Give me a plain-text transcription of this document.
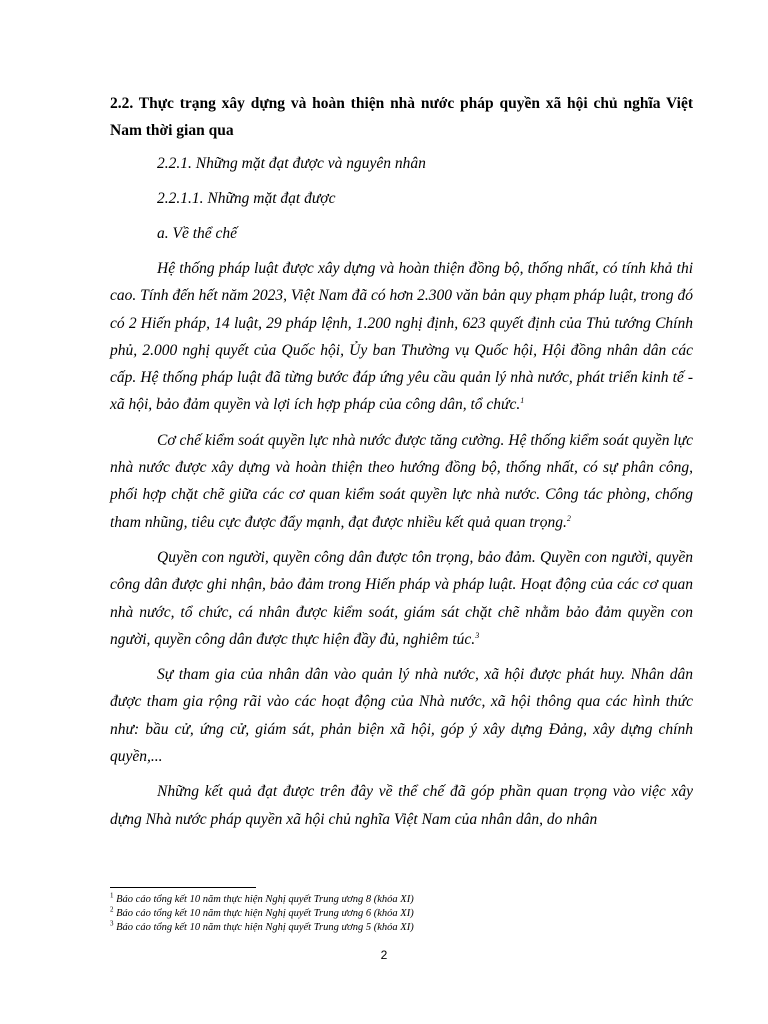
2.2. Thực trạng xây dựng và hoàn thiện nhà nước pháp quyền xã hội chủ nghĩa Việt Nam thời gian qua

2.2.1. Những mặt đạt được và nguyên nhân

2.2.1.1. Những mặt đạt được

a. Về thể chế

Hệ thống pháp luật được xây dựng và hoàn thiện đồng bộ, thống nhất, có tính khả thi cao. Tính đến hết năm 2023, Việt Nam đã có hơn 2.300 văn bản quy phạm pháp luật, trong đó có 2 Hiến pháp, 14 luật, 29 pháp lệnh, 1.200 nghị định, 623 quyết định của Thủ tướng Chính phủ, 2.000 nghị quyết của Quốc hội, Ủy ban Thường vụ Quốc hội, Hội đồng nhân dân các cấp. Hệ thống pháp luật đã từng bước đáp ứng yêu cầu quản lý nhà nước, phát triển kinh tế - xã hội, bảo đảm quyền và lợi ích hợp pháp của công dân, tổ chức.$^1$

Cơ chế kiểm soát quyền lực nhà nước được tăng cường. Hệ thống kiểm soát quyền lực nhà nước được xây dựng và hoàn thiện theo hướng đồng bộ, thống nhất, có sự phân công, phối hợp chặt chẽ giữa các cơ quan kiểm soát quyền lực nhà nước. Công tác phòng, chống tham nhũng, tiêu cực được đẩy mạnh, đạt được nhiều kết quả quan trọng.$^2$

Quyền con người, quyền công dân được tôn trọng, bảo đảm. Quyền con người, quyền công dân được ghi nhận, bảo đảm trong Hiến pháp và pháp luật. Hoạt động của các cơ quan nhà nước, tổ chức, cá nhân được kiểm soát, giám sát chặt chẽ nhằm bảo đảm quyền con người, quyền công dân được thực hiện đầy đủ, nghiêm túc.$^3$

Sự tham gia của nhân dân vào quản lý nhà nước, xã hội được phát huy. Nhân dân được tham gia rộng rãi vào các hoạt động của Nhà nước, xã hội thông qua các hình thức như: bầu cử, ứng cử, giám sát, phản biện xã hội, góp ý xây dựng Đảng, xây dựng chính quyền,...

Những kết quả đạt được trên đây về thể chế đã góp phần quan trọng vào việc xây dựng Nhà nước pháp quyền xã hội chủ nghĩa Việt Nam của nhân dân, do nhân

$^1$ Báo cáo tổng kết 10 năm thực hiện Nghị quyết Trung ương 8 (khóa XI)
$^2$ Báo cáo tổng kết 10 năm thực hiện Nghị quyết Trung ương 6 (khóa XI)
$^3$ Báo cáo tổng kết 10 năm thực hiện Nghị quyết Trung ương 5 (khóa XI)
2
